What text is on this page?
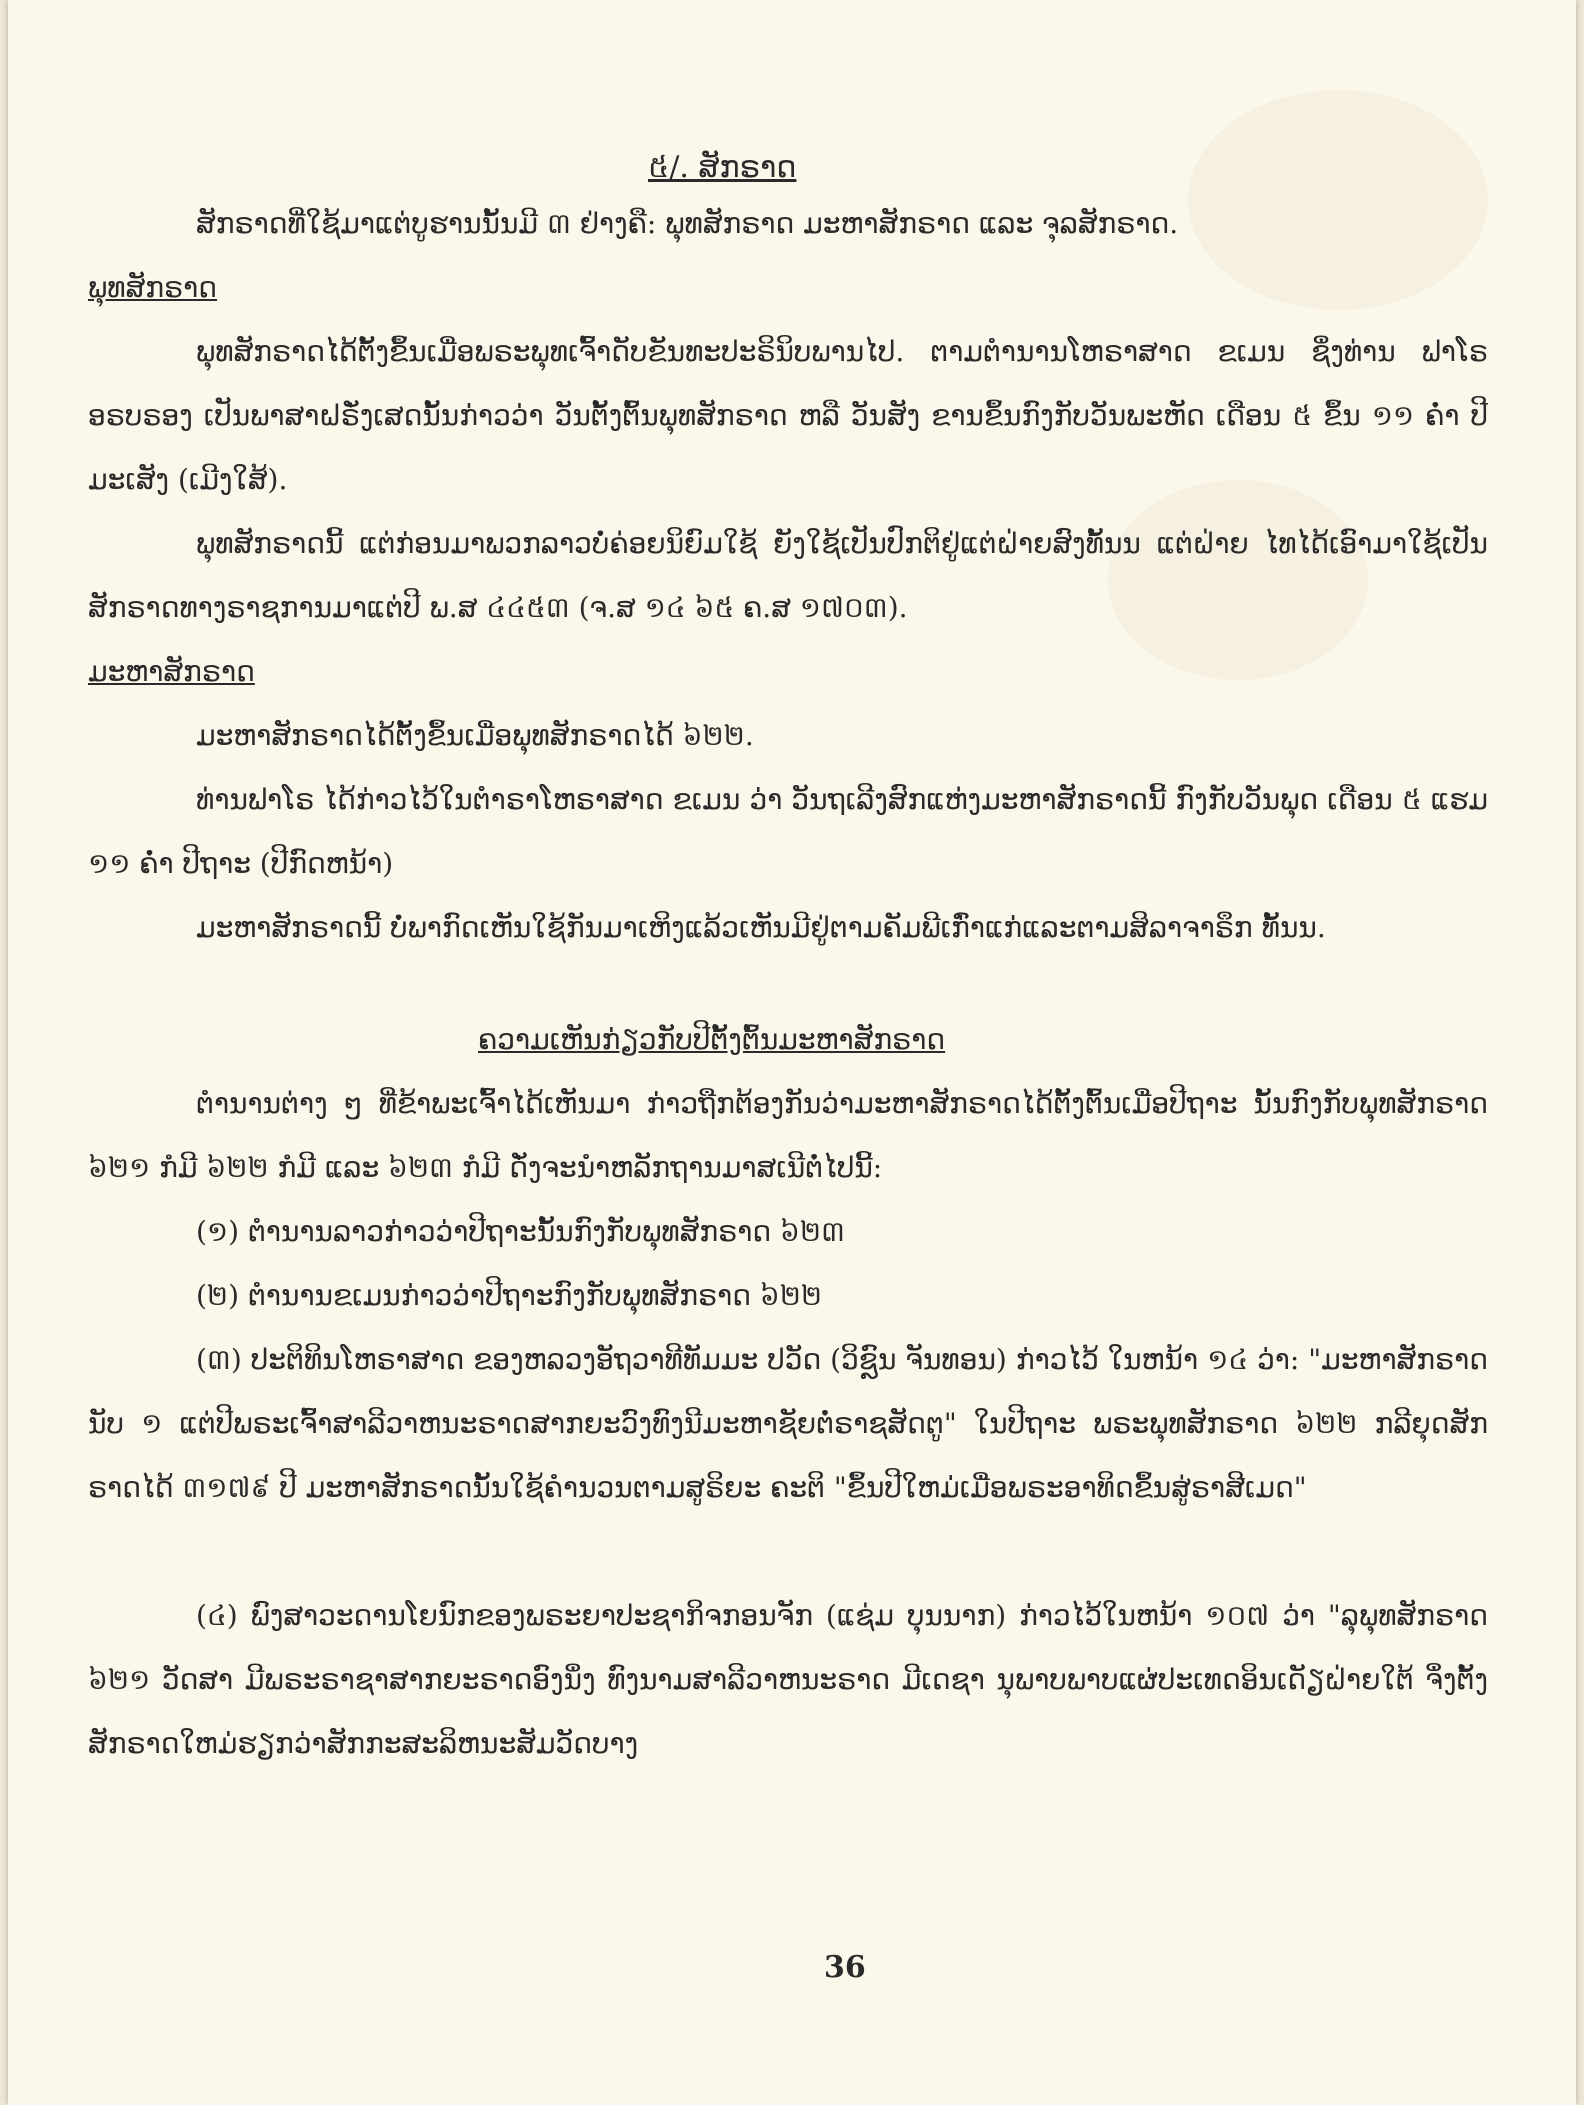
៥/. ສັກຣາດ
ສັກຣາດທີ່ໃຊ້ມາແຕ່ບູຮານນັ້ນມີ ៣ ຢ່າງຄື: ພຸທສັກຣາດ ມະຫາສັກຣາດ ແລະ ຈຸລສັກຣາດ.
ພຸທສັກຣາດ
ພຸທສັກຣາດໄດ້ຕັ້ງຂຶ້ນເມື່ອພຣະພຸທເຈົ້າດັບຂັນທະປະຣິນິບພານໄປ. ຕາມຕຳນານໂຫຣາສາດ ຂເມນ ຊຶ່ງທ່ານ ຟາໂຣອຣບຣອງ ເປັນພາສາຝຣັ່ງເສດນັ້ນກ່າວວ່າ ວັນຕັ້ງຕົ້ນພຸທສັກຣາດ ຫລື ວັນສັງ ຂານຂຶ້ນກົງກັບວັນພະຫັດ ເດືອນ ៥ ຂຶ້ນ ១១ ຄ່ຳ ປີມະເສັງ (ເມີງໃສ້).
ພຸທສັກຣາດນີ້ ແຕ່ກ່ອນມາພວກລາວບໍ່ຄ່ອຍນິຍົມໃຊ້ ຍັງໃຊ້ເປັນປົກຕິຢູ່ແຕ່ຝ່າຍສົງທັ້ນນ ແຕ່ຝ່າຍ ໄທໄດ້ເອົາມາໃຊ້ເປັນສັກຣາດທາງຣາຊການມາແຕ່ປີ ພ.ສ ៤៤៥៣ (ຈ.ສ ១៤ ៦៥ ຄ.ສ ១៧០៣).
ມະຫາສັກຣາດ
ມະຫາສັກຣາດໄດ້ຕັ້ງຂຶ້ນເມື່ອພຸທສັກຣາດໄດ້ ៦២២.
ທ່ານຟາໂຣ ໄດ້ກ່າວໄວ້ໃນຕຳຣາໂຫຣາສາດ ຂເມນ ວ່າ ວັນຖເລີງສົກແຫ່ງມະຫາສັກຣາດນີ້ ກົງກັບວັນພຸດ ເດືອນ ៥ ແຮມ ១១ ຄ່ຳ ປີຖາະ (ປີກົດຫນ້າ)
ມະຫາສັກຣາດນີ້ ບໍ່ພາກົດເຫັນໃຊ້ກັນມາເຫິງແລ້ວເຫັນມີຢູ່ຕາມຄັມພີເກົ່າແກ່ແລະຕາມສິລາຈາຣຶກ ທັ້ນນ.
ຄວາມເຫັນກ່ຽວກັບປີຕັ້ງຕົ້ນມະຫາສັກຣາດ
ຕຳນານຕ່າງ ໆ ທີ່ຂ້າພະເຈົ້າໄດ້ເຫັນມາ ກ່າວຖືກຕ້ອງກັນວ່າມະຫາສັກຣາດໄດ້ຕັ້ງຕົ້ນເມື່ອປີຖາະ ນັ້ນກົງກັບພຸທສັກຣາດ ៦២១ ກໍມີ ៦២២ ກໍມີ ແລະ ៦២៣ ກໍມີ ດັ່ງຈະນຳຫລັກຖານມາສເນີຕໍ່ໄປນີ້:
(១) ຕຳນານລາວກ່າວວ່າປີຖາະນັ້ນກົງກັບພຸທສັກຣາດ ៦២៣
(២) ຕຳນານຂເມນກ່າວວ່າປີຖາະກົງກັບພຸທສັກຣາດ ៦២២
(៣) ປະຕິທິນໂຫຣາສາດ ຂອງຫລວງອັຖວາທີທັມມະ ປວັດ (ວິຊຼົນ ຈັນທອນ) ກ່າວໄວ້ ໃນຫນ້າ ១៤ ວ່າ: "ມະຫາສັກຣາດ ນັບ ១ ແຕ່ປີພຣະເຈົ້າສາລີວາຫນະຣາດສາກຍະວົງທົງນີມະຫາຊັຍຕໍ່ຣາຊສັດຕູ" ໃນປີຖາະ ພຣະພຸທສັກຣາດ ៦២២ ກລີຍຸດສັກຣາດໄດ້ ៣១៧៩ ປີ ມະຫາສັກຣາດນັ້ນໃຊ້ຄຳນວນຕາມສູຣິຍະ ຄະຕິ "ຂຶ້ນປີໃຫມ່ເມື່ອພຣະອາທິດຂຶ້ນສູ່ຣາສີເມດ"
(៤) ພົງສາວະດານໂຍນົກຂອງພຣະຍາປະຊາກິຈກອນຈັກ (ແຊ່ມ ບຸນນາກ) ກ່າວໄວ້ໃນຫນ້າ ១០៧ ວ່າ "ລຸພຸທສັກຣາດ ៦២១ ວັດສາ ມີພຣະຣາຊາສາກຍະຣາດອົງນຶ່ງ ທົງນາມສາລີວາຫນະຣາດ ມີເດຊາ ນຸພາບພາບແຜ່ປະເທດອິນເດັຽຝ່າຍໃຕ້ ຈຶ່ງຕັ້ງສັກຣາດໃຫມ່ຮຽກວ່າສັກກະສະລິຫນະສັມວັດບາງ
36
